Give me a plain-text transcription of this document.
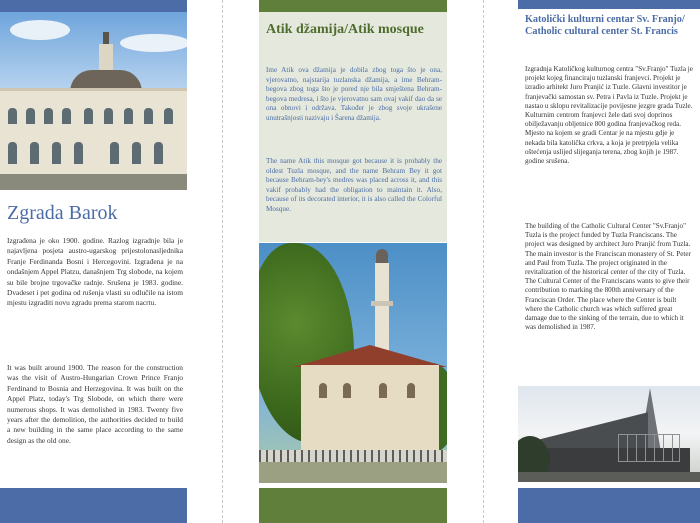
Zgrada Barok

Izgrađena je oko 1900. godine. Razlog izgradnje bila je najavljena posjeta austro-ugarskog prijestolonasljednika Franje Ferdinanda Bosni i Hercegovini. Izgrađena je na ondašnjem Appel Platzu, današnjem Trg slobode, na kojem su bile brojne trgovačke radnje. Srušena je 1983. godine. Dvadeset i pet godina od rušenja vlasti su odlučile na istom mjestu izgraditi novu zgradu prema starom nacrtu.

It was built around 1900. The reason for the construction was the visit of Austro-Hungarian Crown Prince Franjo Ferdinand to Bosnia and Herzegovina. It was built on the Appel Platz, today's Trg Slobode, on which there were numerous shops. It was demolished in 1983. Twenty five years after the demolition, the authorities decided to build a new building in the same place according to the same design as the old one.

Atik džamija/Atik mosque

Ime Atik ova džamija je dobila zbog toga što je ona, vjerovatno, najstarija tuzlanska džamija, a ime Behram-begova zbog toga što je pored nje bila smještena Behram-begova medresa, i što je vjerovatno sam ovaj vakif dao da se ona obnovi i održava. Također je zbog svoje ukrašene unutrašnjosti nazivaju i Šarena džamija.

The name Atik this mosque got because it is probably the oldest Tuzla mosque, and the name Behram Bey it got because Behram-bey's medres was placed across it, and this vakif probably had the obligation to maintain it. Also, because of its decorated interior, it is also called the Colorful Mosque.

Katolički kulturni centar Sv. Franjo/ Catholic cultural center St. Francis

Izgradnja Katoličkog kulturnog centra "Sv.Franjo" Tuzla je projekt kojeg financiraju tuzlanski franjevci. Projekt je izradio arhitekt Juro Pranjić iz Tuzle. Glavni investitor je franjevački samostan sv. Petra i Pavla iz Tuzle. Projekt je nastao u sklopu revitalizacije povijesne jezgre grada Tuzle. Kulturnim centrom franjevci žele dati svoj doprinos obilježavanju obljetnice 800 godina franjevačkog reda. Mjesto na kojem se gradi Centar je na mjestu gdje je nekada bila katolička crkva, a koja je pretrpjela velika oštećenja uslijed slijeganja terena, zbog kojih je 1987. godine srušena.

The building of the Catholic Cultural Center "Sv.Franjo" Tuzla is the project funded by Tuzla Franciscans. The project was designed by architect Juro Pranjić from Tuzla. The main investor is the Franciscan monastery of St. Peter and Paul from Tuzla. The project originated in the revitalization of the historical center of the city of Tuzla. The Cultural Center of the Franciscans wants to give their contribution to marking the 800th anniversary of the Franciscan Order. The place where the Center is built where the Catholic church was which suffered great damage due to the sinking of the terrain, due to which it was demolished in 1987.
